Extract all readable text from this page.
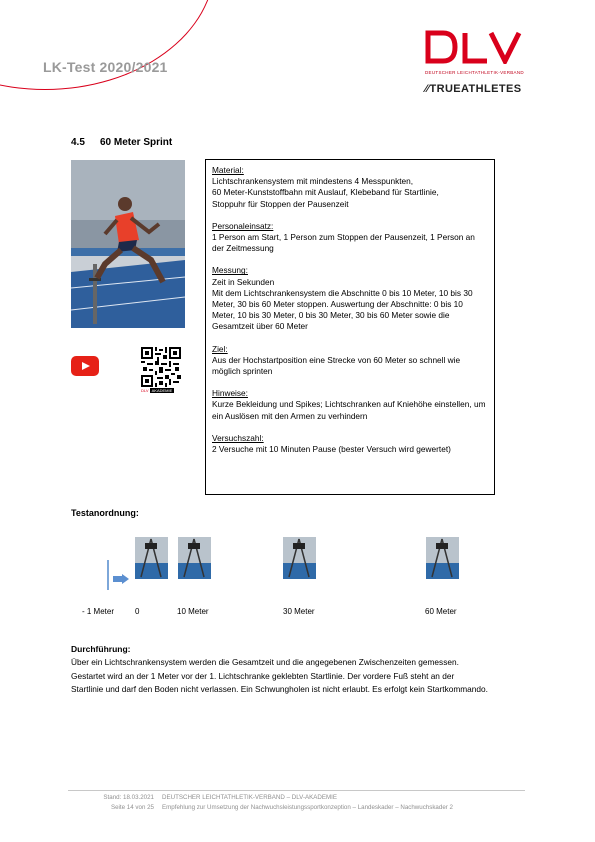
LK-Test 2020/2021	DEUTSCHER LEICHTATHLETIK-VERBAND
⁄⁄TRUEATHLETES
4.5 60 Meter Sprint
DLV AKADEMIE
Material:
Lichtschrankensystem mit mindestens 4 Messpunkten,
60 Meter-Kunststoffbahn mit Auslauf, Klebeband für Startlinie,
Stoppuhr für Stoppen der Pausenzeit
Personaleinsatz:
1 Person am Start, 1 Person zum Stoppen der Pausenzeit, 1 Person an
der Zeitmessung
Messung:
Zeit in Sekunden
Mit dem Lichtschrankensystem die Abschnitte 0 bis 10 Meter, 10 bis 30
Meter, 30 bis 60 Meter stoppen. Auswertung der Abschnitte: 0 bis 10
Meter, 10 bis 30 Meter, 0 bis 30 Meter, 30 bis 60 Meter sowie die
Gesamtzeit über 60 Meter
Ziel:
Aus der Hochstartposition eine Strecke von 60 Meter so schnell wie
möglich sprinten
Hinweise:
Kurze Bekleidung und Spikes; Lichtschranken auf Kniehöhe einstellen, um
ein Auslösen mit den Armen zu verhindern
Versuchszahl:
2 Versuche mit 10 Minuten Pause (bester Versuch wird gewertet)
Testanordnung:
- 1 Meter	0	10 Meter	30 Meter	60 Meter
Durchführung:
Über ein Lichtschrankensystem werden die Gesamtzeit und die angegebenen Zwischenzeiten gemessen.
Gestartet wird an der 1 Meter vor der 1. Lichtschranke geklebten Startlinie. Der vordere Fuß steht an der
Startlinie und darf den Boden nicht verlassen. Ein Schwungholen ist nicht erlaubt. Es erfolgt kein Startkommando.
Stand: 18.03.2021 DEUTSCHER LEICHTATHLETIK-VERBAND – DLV-AKADEMIE
Seite 14 von 25 Empfehlung zur Umsetzung der Nachwuchsleistungssportkonzeption – Landeskader – Nachwuchskader 2
